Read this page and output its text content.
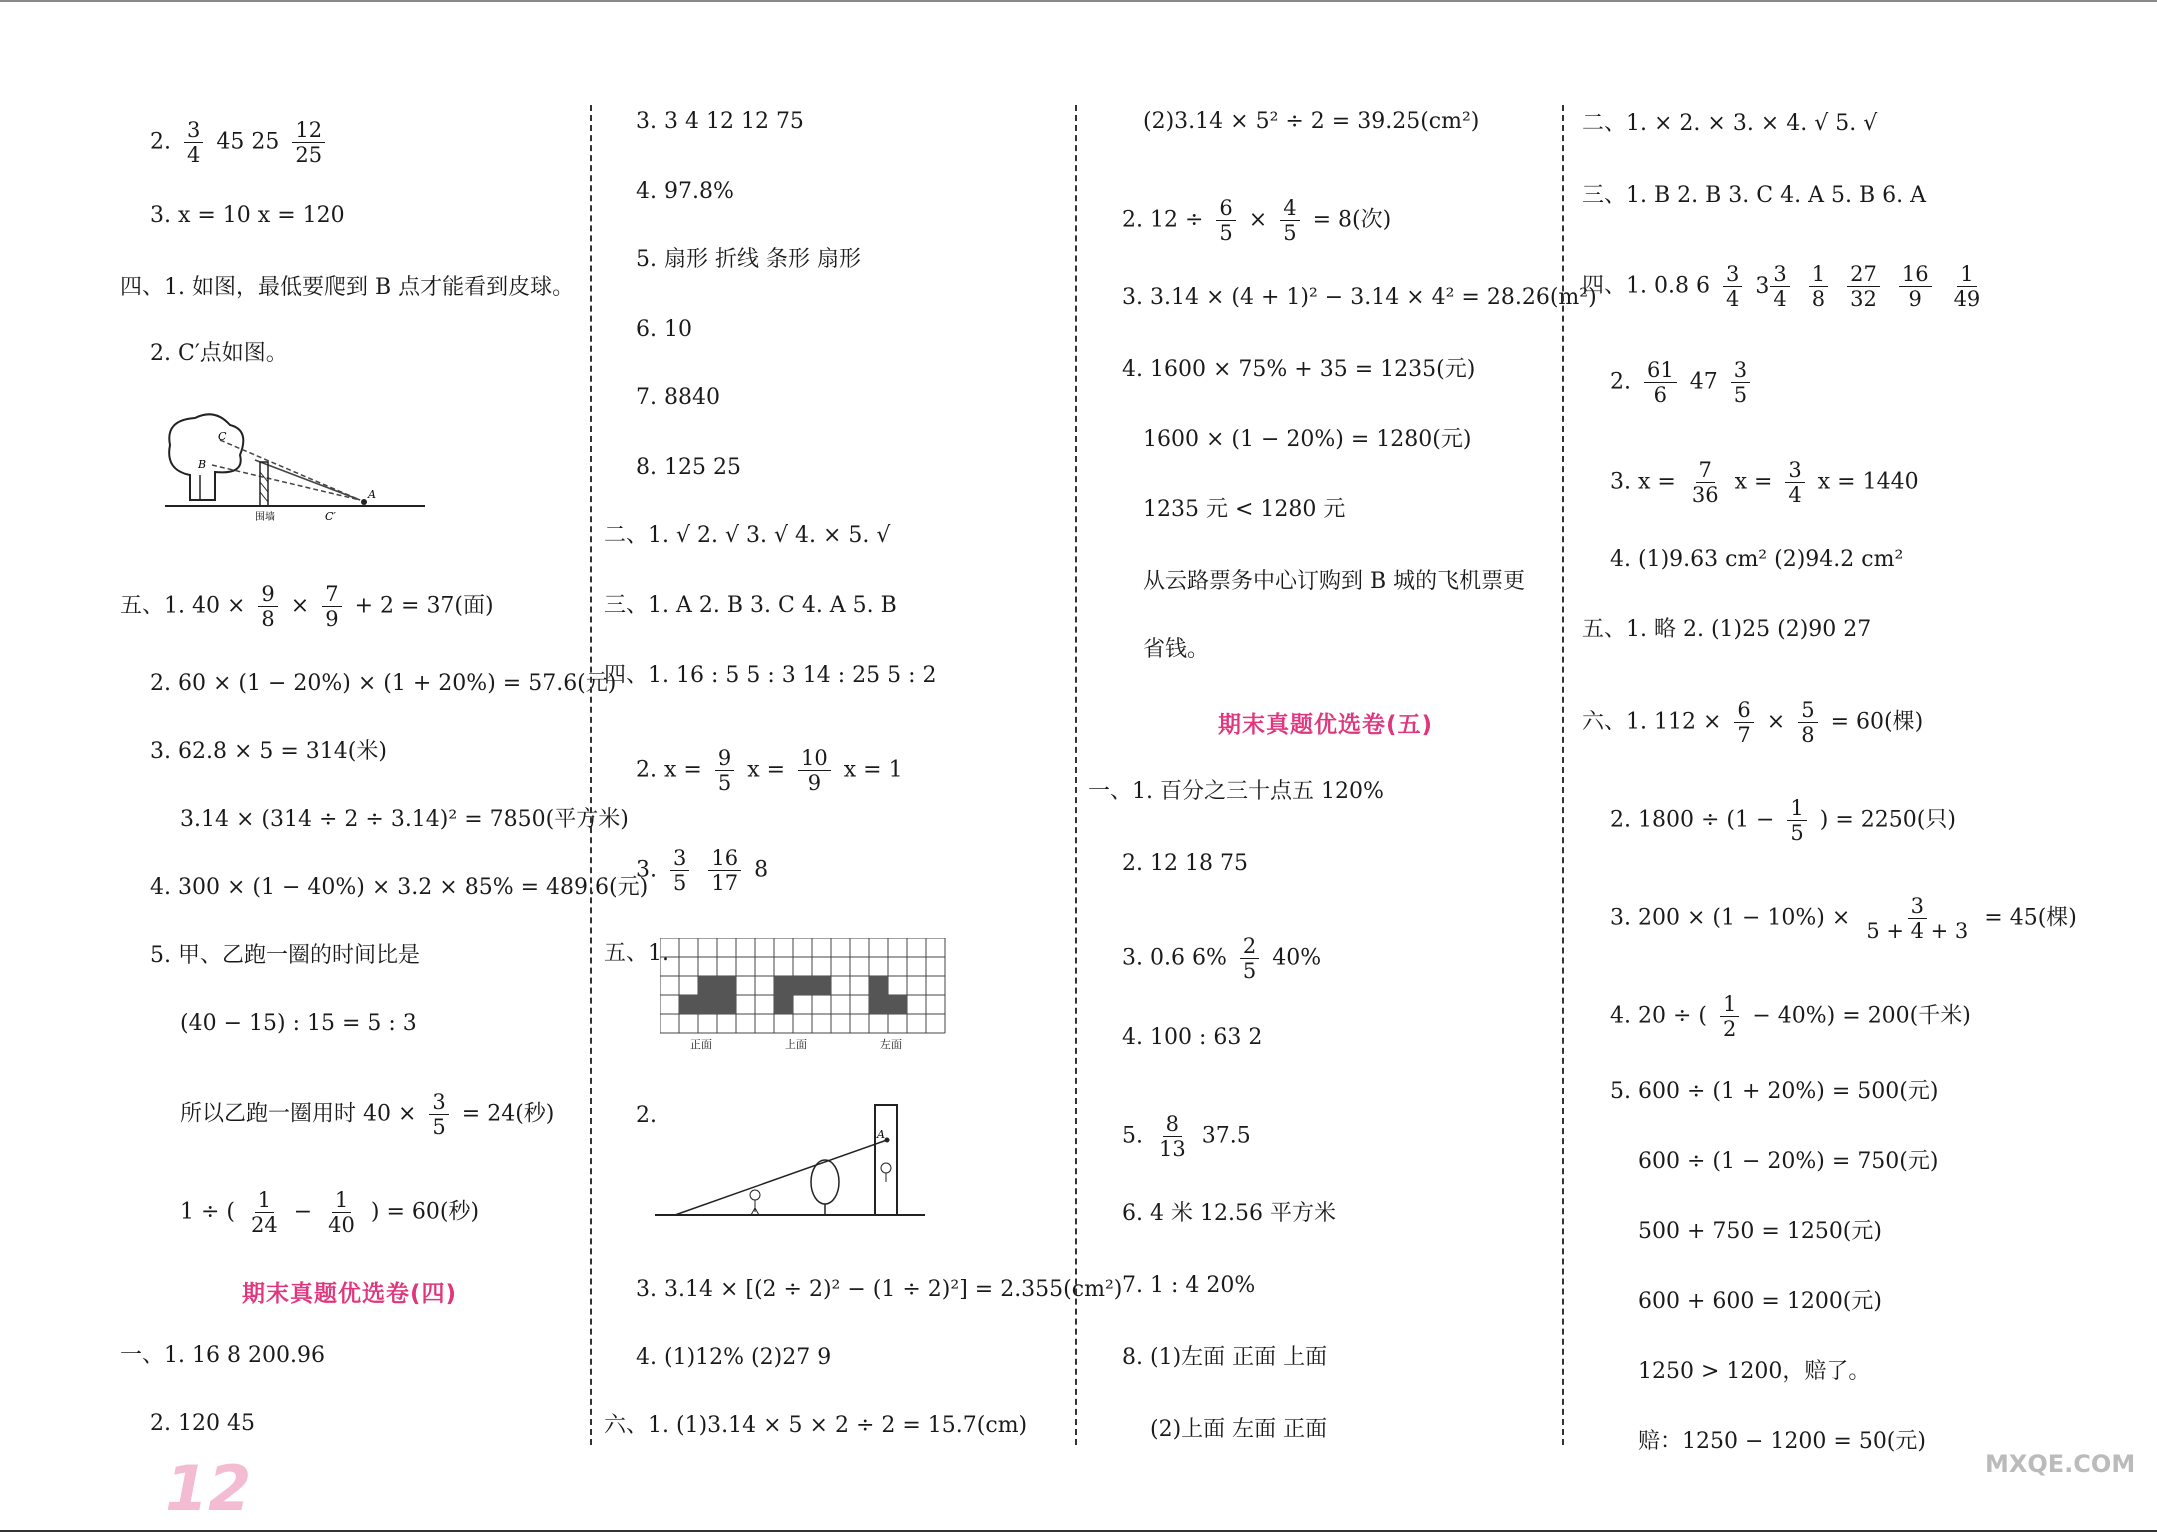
2. $\frac{3}{4} 45$ $25 \frac{12}{25}$
3. x = 10 x = 120
四、1. 如图，最低要爬到 B 点才能看到皮球。
2. C′点如图。
A
B
C
围墙	C′
五、1. $40 \times \frac{9}{8} \times \frac{7}{9} + 2 = 37$(面)
2. 60 × (1 − 20%) × (1 + 20%) = 57.6(元)
3. 62.8 × 5 = 314(米)
3.14 × (314 ÷ 2 ÷ 3.14)² = 7850(平方米)
4. 300 × (1 − 40%) × 3.2 × 85% = 489.6(元)
5. 甲、乙跑一圈的时间比是
(40 − 15) : 15 = 5 : 3
所以乙跑一圈用时 $40 \times \frac{3}{5} = 24$(秒)
1 ÷ ( $\frac{1}{24} - \frac{1}{40}$ ) = 60(秒)
期末真题优选卷(四)
一、1. 16 8 200.96
2. 120 45
3. 3 4 12 12 75
4. 97.8%
5. 扇形 折线 条形 扇形
6. 10
7. 8840
8. 125 25
二、1. √ 2. √ 3. √ 4. × 5. √
三、1. A 2. B 3. C 4. A 5. B
四、1. 16 : 5 5 : 3 14 : 25 5 : 2
2. $x = \frac{9}{5}$ $x = \frac{10}{9}$ x = 1
3. $\frac{3}{5}$
$\frac{16}{17} 8$
五、1.
正面	上面	左面
2.
A
3. 3.14 × [(2 ÷ 2)² − (1 ÷ 2)²] = 2.355(cm²)
4. (1)12% (2)27 9
六、1. (1)3.14 × 5 × 2 ÷ 2 = 15.7(cm)
(2)3.14 × 5² ÷ 2 = 39.25(cm²)
2. $12 \div \frac{6}{5} \times \frac{4}{5} = 8$(次)
3. 3.14 × (4 + 1)² − 3.14 × 4² = 28.26(m²)
4. 1600 × 75% + 35 = 1235(元)
1600 × (1 − 20%) = 1280(元)
1235 元 < 1280 元
从云路票务中心订购到 B 城的飞机票更
省钱。
期末真题优选卷(五)
一、1. 百分之三十点五 120%
2. 12 18 75
3. 0.6 $6\% \frac{2}{5} 40\%$
4. 100 : 63 2
5. $\frac{8}{13} 37.5$
6. 4 米 12.56 平方米
7. 1 : 4 20%
8. (1)左面 正面 上面
(2)上面 左面 正面
二、1. × 2. × 3. × 4. √ 5. √
三、1. B 2. B 3. C 4. A 5. B 6. A
四、1. 0.8 $6 \frac{3}{4}$
$3 \frac{3}{4}$
$\frac{1}{8}$
$\frac{27}{32}$
$\frac{16}{9}$
$\frac{1}{49}$
2. $\frac{61}{6} 47 \frac{3}{5}$
3. $x = \frac{7}{36}$ $x = \frac{3}{4}$ x = 1440
4. (1)9.63 cm² (2)94.2 cm²
五、1. 略 2. (1)25 (2)90 27
六、1. $112 \times \frac{6}{7} \times \frac{5}{8} = 60$(棵)
2. $1800 \div (1 - \frac{1}{5}$ ) = 2250(只)
3. $200 \times (1 - 10\%) \times \frac{3}{5 + 4 + 3} = 45$(棵)
4. 20 ÷ ( $\frac{1}{2} - 40\%) = 200$(千米)
5. 600 ÷ (1 + 20%) = 500(元)
600 ÷ (1 − 20%) = 750(元)
500 + 750 = 1250(元)
600 + 600 = 1200(元)
1250 > 1200，赔了。
赔：1250 − 1200 = 50(元)
12	MXQE.COM
